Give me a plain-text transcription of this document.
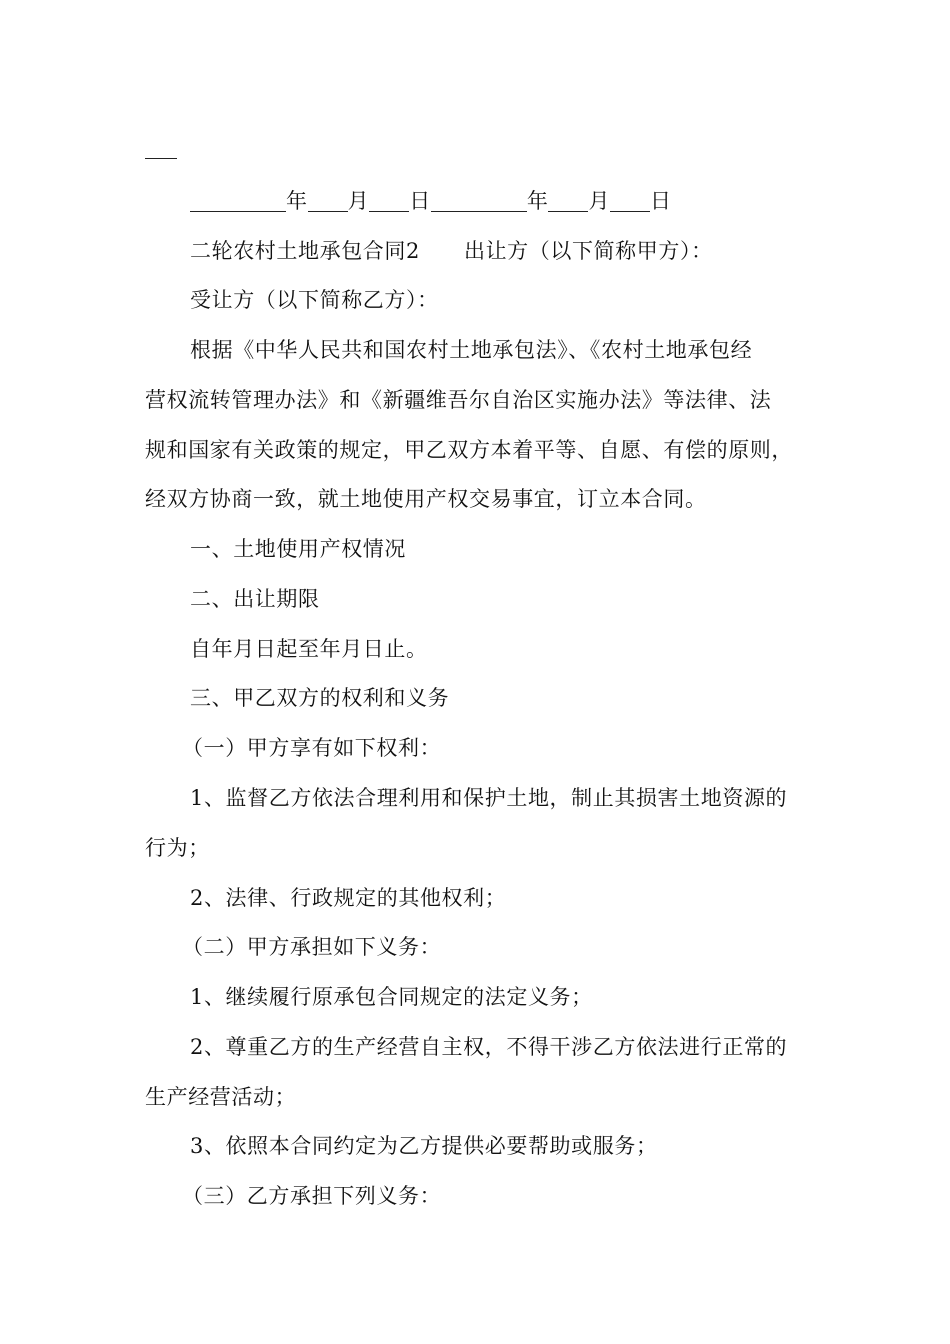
年 月 日	年 月 日

二轮农村土地承包合同2 出让方（以下简称甲方）：

受让方（以下简称乙方）：

根据《中华人民共和国农村土地承包法》、《农村土地承包经

营权流转管理办法》和《新疆维吾尔自治区实施办法》等法律、法

规和国家有关政策的规定，甲乙双方本着平等、自愿、有偿的原则，

经双方协商一致，就土地使用产权交易事宜，订立本合同。

一、土地使用产权情况

二、出让期限

自年月日起至年月日止。

三、甲乙双方的权利和义务

（一）甲方享有如下权利：

1、监督乙方依法合理利用和保护土地，制止其损害土地资源的

行为；

2、法律、行政规定的其他权利；

（二）甲方承担如下义务：

1、继续履行原承包合同规定的法定义务；

2、尊重乙方的生产经营自主权，不得干涉乙方依法进行正常的

生产经营活动；

3、依照本合同约定为乙方提供必要帮助或服务；

（三）乙方承担下列义务：
